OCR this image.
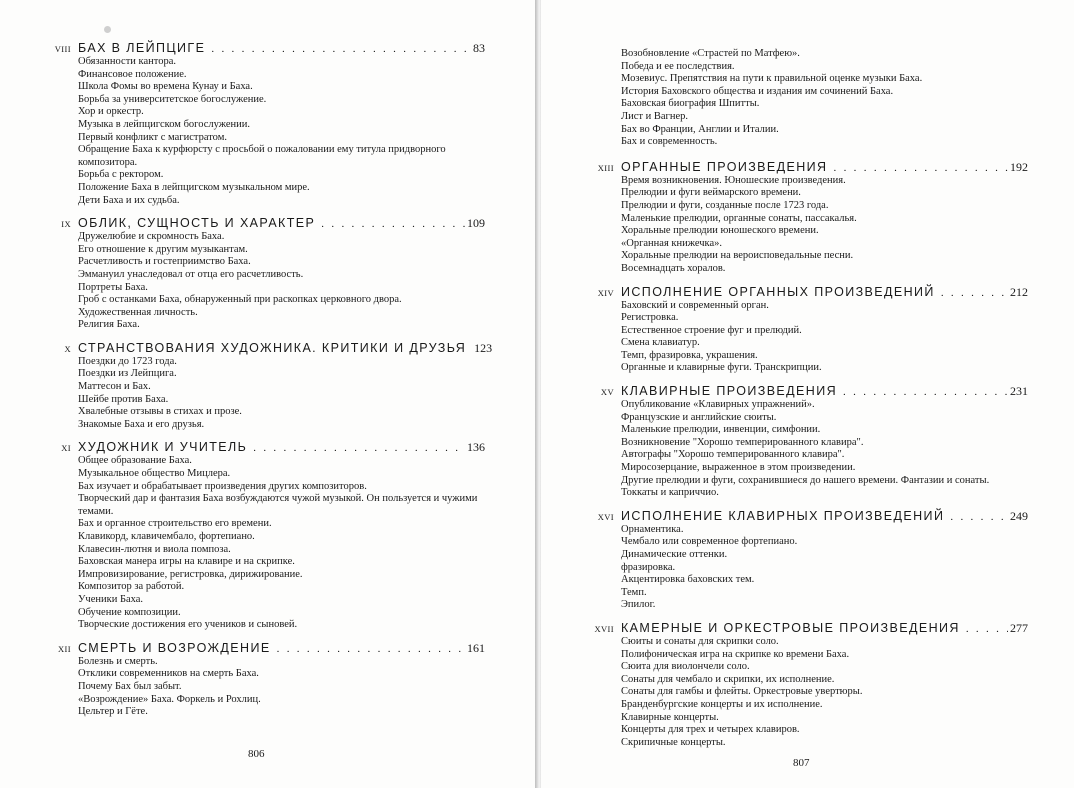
VIII БАХ В ЛЕЙПЦИГЕ . . .	83
Обязанности кантора.
Финансовое положение.
Школа Фомы во времена Кунау и Баха.
Борьба за университетское богослужение.
Хор и оркестр.
Музыка в лейпцигском богослужении.
Первый конфликт с магистратом.
Обращение Баха к курфюрсту с просьбой о пожаловании ему титула придворного композитора.
Борьба с ректором.
Положение Баха в лейпцигском музыкальном мире.
Дети Баха и их судьба.
IX ОБЛИК, СУЩНОСТЬ И ХАРАКТЕР . . .	109
Дружелюбие и скромность Баха.
Его отношение к другим музыкантам.
Расчетливость и гостеприимство Баха.
Эммануил унаследовал от отца его расчетливость.
Портреты Баха.
Гроб с останками Баха, обнаруженный при раскопках церковного двора.
Художественная личность.
Религия Баха.
X СТРАНСТВОВАНИЯ ХУДОЖНИКА. КРИТИКИ И ДРУЗЬЯ 123
Поездки до 1723 года.
Поездки из Лейпцига.
Маттесон и Бах.
Шейбе против Баха.
Хвалебные отзывы в стихах и прозе.
Знакомые Баха и его друзья.
XI ХУДОЖНИК И УЧИТЕЛЬ . . .	136
Общее образование Баха.
Музыкальное общество Мицлера.
Бах изучает и обрабатывает произведения других композиторов.
Творческий дар и фантазия Баха возбуждаются чужой музыкой. Он пользуется и чужими темами.
Бах и органное строительство его времени.
Клавикорд, клавичембало, фортепиано.
Клавесин-лютня и виола помпоза.
Баховская манера игры на клавире и на скрипке.
Импровизирование, регистровка, дирижирование.
Композитор за работой.
Ученики Баха.
Обучение композиции.
Творческие достижения его учеников и сыновей.
XII СМЕРТЬ И ВОЗРОЖДЕНИЕ . . .	161
Болезнь и смерть.
Отклики современников на смерть Баха.
Почему Бах был забыт.
«Возрождение» Баха. Форкель и Рохлиц.
Цельтер и Гёте.
806
Возобновление «Страстей по Матфею».
Победа и ее последствия.
Мозевиус. Препятствия на пути к правильной оценке музыки Баха.
История Баховского общества и издания им сочинений Баха.
Баховская биография Шпитты.
Лист и Вагнер.
Бах во Франции, Англии и Италии.
Бах и современность.
XIII ОРГАННЫЕ ПРОИЗВЕДЕНИЯ . . .	192
Время возникновения. Юношеские произведения.
Прелюдии и фуги веймарского времени.
Прелюдии и фуги, созданные после 1723 года.
Маленькие прелюдии, органные сонаты, пассакалья.
Хоральные прелюдии юношеского времени.
«Органная книжечка».
Хоральные прелюдии на вероисповедальные песни.
Восемнадцать хоралов.
XIV ИСПОЛНЕНИЕ ОРГАННЫХ ПРОИЗВЕДЕНИЙ . . .	212
Баховский и современный орган.
Регистровка.
Естественное строение фуг и прелюдий.
Смена клавиатур.
Темп, фразировка, украшения.
Органные и клавирные фуги. Транскрипции.
XV КЛАВИРНЫЕ ПРОИЗВЕДЕНИЯ . . .	231
Опубликование «Клавирных упражнений».
Французские и английские сюиты.
Маленькие прелюдии, инвенции, симфонии.
Возникновение "Хорошо темперированного клавира".
Автографы "Хорошо темперированного клавира".
Миросозерцание, выраженное в этом произведении.
Другие прелюдии и фуги, сохранившиеся до нашего времени. Фантазии и сонаты.
Токкаты и каприччио.
XVI ИСПОЛНЕНИЕ КЛАВИРНЫХ ПРОИЗВЕДЕНИЙ . . .	249
Орнаментика.
Чембало или современное фортепиано.
Динамические оттенки.
фразировка.
Акцентировка баховских тем.
Темп.
Эпилог.
XVII КАМЕРНЫЕ И ОРКЕСТРОВЫЕ ПРОИЗВЕДЕНИЯ . . .	277
Сюиты и сонаты для скрипки соло.
Полифоническая игра на скрипке ко времени Баха.
Сюита для виолончели соло.
Сонаты для чембало и скрипки, их исполнение.
Сонаты для гамбы и флейты. Оркестровые увертюры.
Бранденбургские концерты и их исполнение.
Клавирные концерты.
Концерты для трех и четырех клавиров.
Скрипичные концерты.
807
